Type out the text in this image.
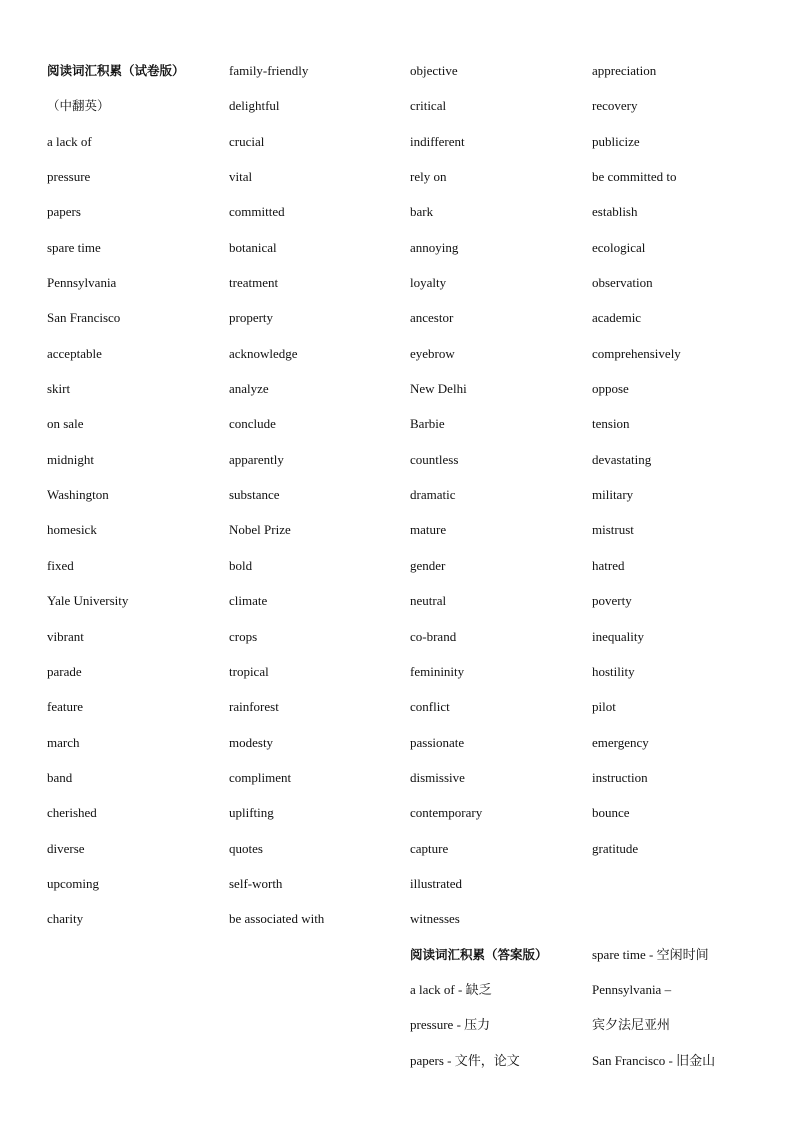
阅读词汇积累（试卷版）
（中翻英）
a lack of
pressure
papers
spare time
Pennsylvania
San Francisco
acceptable
skirt
on sale
midnight
Washington
homesick
fixed
Yale University
vibrant
parade
feature
march
band
cherished
diverse
upcoming
charity
family-friendly
delightful
crucial
vital
committed
botanical
treatment
property
acknowledge
analyze
conclude
apparently
substance
Nobel Prize
bold
climate
crops
tropical
rainforest
modesty
compliment
uplifting
quotes
self-worth
be associated with
objective
critical
indifferent
rely on
bark
annoying
loyalty
ancestor
eyebrow
New Delhi
Barbie
countless
dramatic
mature
gender
neutral
co-brand
femininity
conflict
passionate
dismissive
contemporary
capture
illustrated
witnesses
阅读词汇积累（答案版）
a lack of - 缺乏
pressure - 压力
papers - 文件，论文
appreciation
recovery
publicize
be committed to
establish
ecological
observation
academic
comprehensively
oppose
tension
devastating
military
mistrust
hatred
poverty
inequality
hostility
pilot
emergency
instruction
bounce
gratitude
spare time - 空闲时间
Pennsylvania –
宾夕法尼亚州
San Francisco - 旧金山
